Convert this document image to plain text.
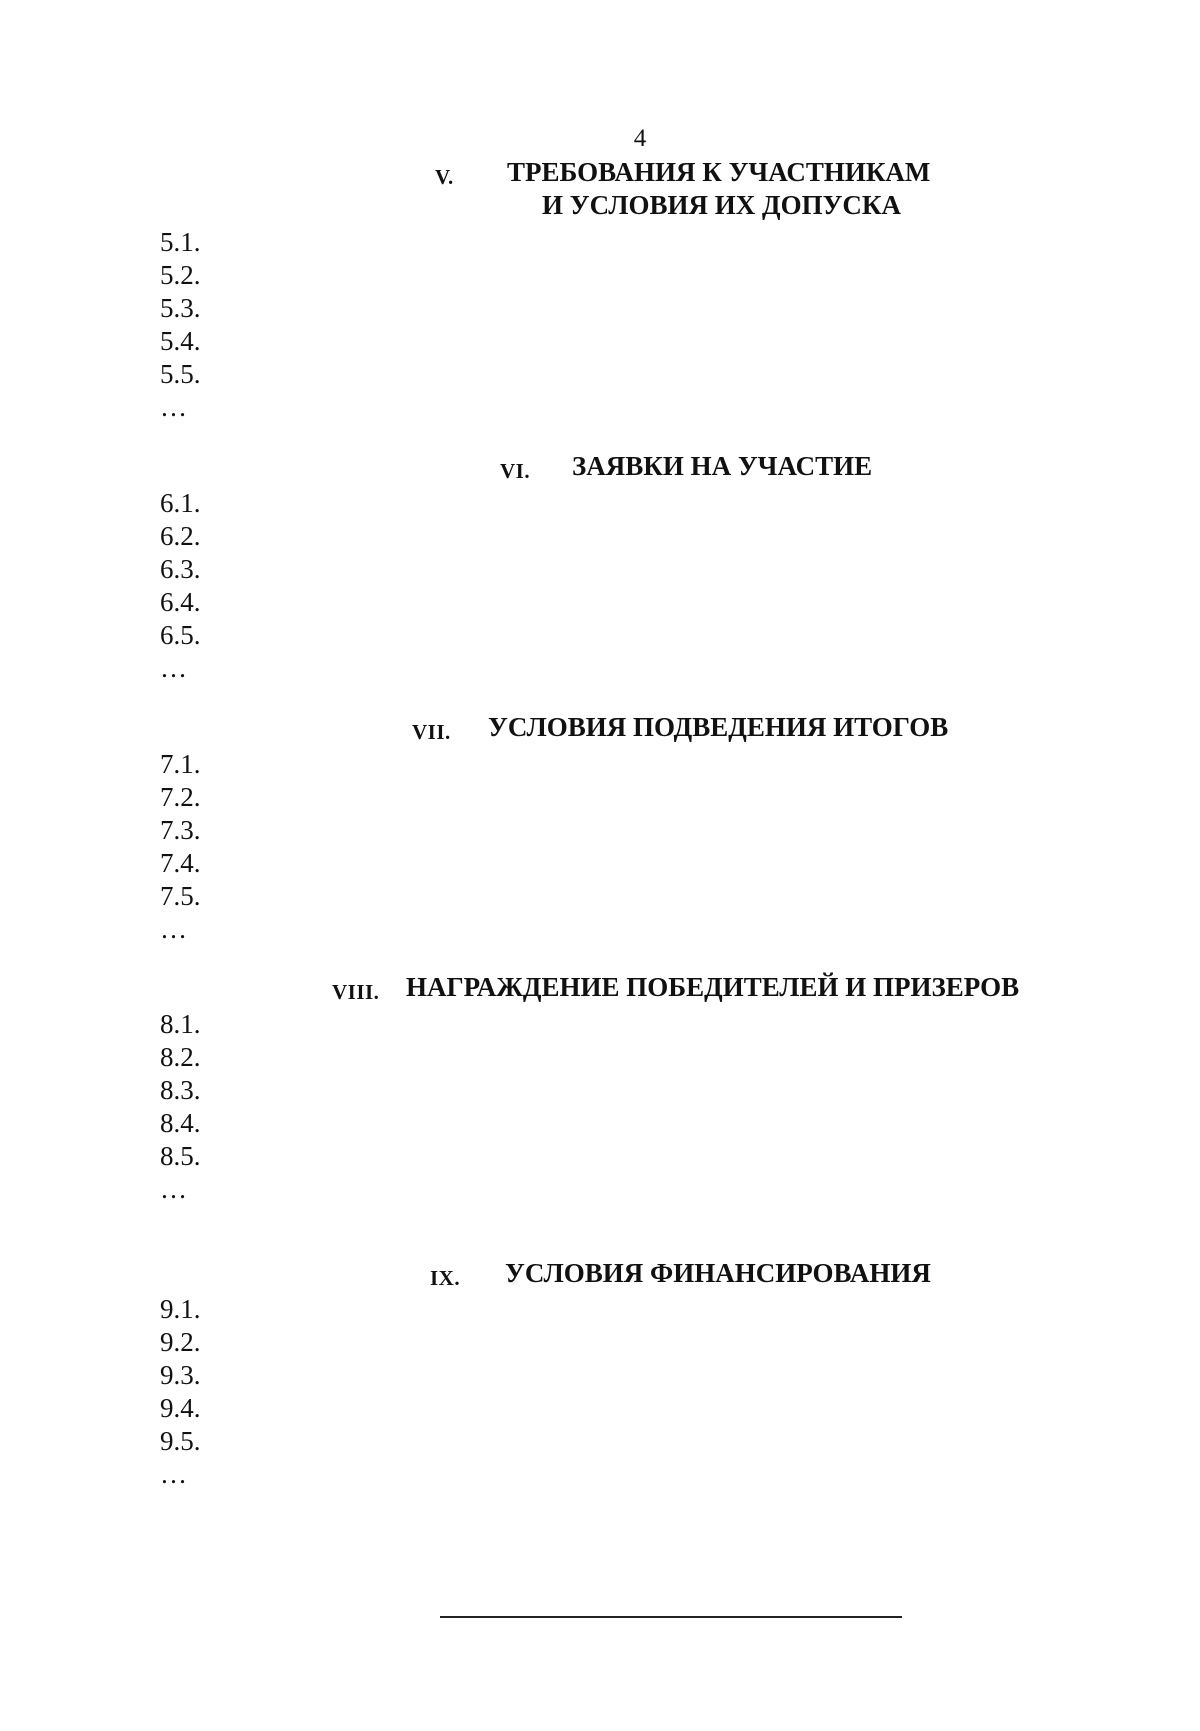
4
V. ТРЕБОВАНИЯ К УЧАСТНИКАМ
И УСЛОВИЯ ИХ ДОПУСКА
5.1.
5.2.
5.3.
5.4.
5.5.
…
VI. ЗАЯВКИ НА УЧАСТИЕ
6.1.
6.2.
6.3.
6.4.
6.5.
…
VII. УСЛОВИЯ ПОДВЕДЕНИЯ ИТОГОВ
7.1.
7.2.
7.3.
7.4.
7.5.
…
VIII. НАГРАЖДЕНИЕ ПОБЕДИТЕЛЕЙ И ПРИЗЕРОВ
8.1.
8.2.
8.3.
8.4.
8.5.
…
IX. УСЛОВИЯ ФИНАНСИРОВАНИЯ
9.1.
9.2.
9.3.
9.4.
9.5.
…
